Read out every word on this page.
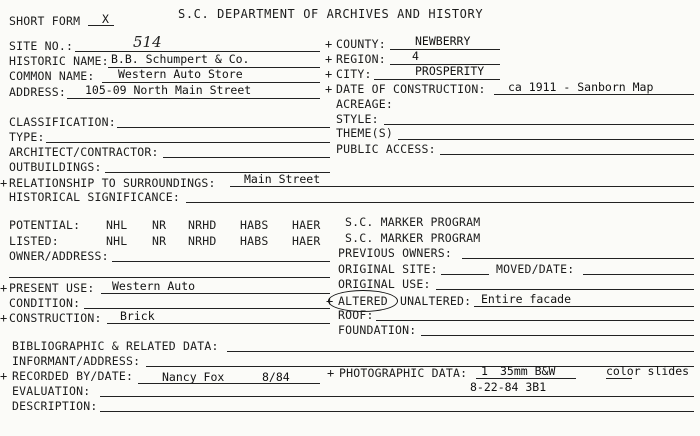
SHORT FORM X	S.C. DEPARTMENT OF ARCHIVES AND HISTORY
SITE NO.:	514
HISTORIC NAME: B.B. Schumpert & Co.
COMMON NAME: Western Auto Store
ADDRESS: 105-09 North Main Street
+ COUNTY:	NEWBERRY
+ REGION: 4
+ CITY:	PROSPERITY
+ DATE OF CONSTRUCTION: ca 1911 - Sanborn Map
ACREAGE:
STYLE:
THEME(S)
PUBLIC ACCESS:
CLASSIFICATION:
TYPE:
ARCHITECT/CONTRACTOR:
OUTBUILDINGS:
+ RELATIONSHIP TO SURROUNDINGS: Main Street
HISTORICAL SIGNIFICANCE:
POTENTIAL: NHL NR NRHD HABS HAER S.C. MARKER PROGRAM
LISTED:	NHL NR NRHD HABS HAER S.C. MARKER PROGRAM
OWNER/ADDRESS:	PREVIOUS OWNERS:
ORIGINAL SITE:	MOVED/DATE:
ORIGINAL USE:
+ PRESENT USE: Western Auto
CONDITION:	+ ALTERED UNALTERED: Entire facade
+ CONSTRUCTION: Brick	ROOF:
FOUNDATION:
BIBLIOGRAPHIC & RELATED DATA:
INFORMANT/ADDRESS:
+ RECORDED BY/DATE:	Nancy Fox	8/84	+ PHOTOGRAPHIC DATA: 1 35mm B&W	color slides
8-22-84 3B1
EVALUATION:
DESCRIPTION:
